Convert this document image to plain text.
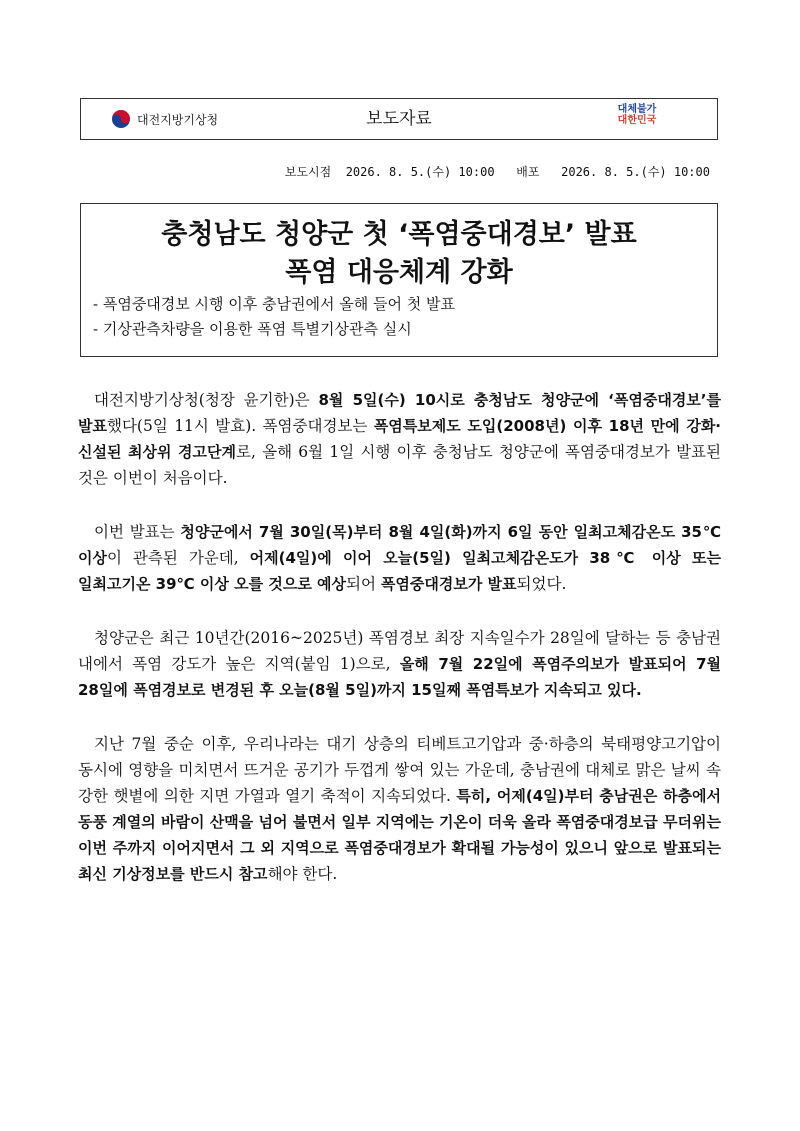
대전지방기상청	보도자료	대체불가
대한민국
보도시점 2026. 8. 5.(수) 10:00 배포 2026. 8. 5.(수) 10:00
충청남도 청양군 첫 ‘폭염중대경보’ 발표
폭염 대응체계 강화
- 폭염중대경보 시행 이후 충남권에서 올해 들어 첫 발표
- 기상관측차량을 이용한 폭염 특별기상관측 실시

대전지방기상청(청장 윤기한)은 8월 5일(수) 10시로 충청남도 청양군에 ‘폭염중대경보’를 발표했다(5일 11시 발효). 폭염중대경보는 폭염특보제도 도입(2008년) 이후 18년 만에 강화·신설된 최상위 경고단계로, 올해 6월 1일 시행 이후 충청남도 청양군에 폭염중대경보가 발표된 것은 이번이 처음이다.

이번 발표는 청양군에서 7월 30일(목)부터 8월 4일(화)까지 6일 동안 일최고체감온도 35℃ 이상이 관측된 가운데, 어제(4일)에 이어 오늘(5일) 일최고체감온도가 38℃ 이상 또는 일최고기온 39℃ 이상 오를 것으로 예상되어 폭염중대경보가 발표되었다.

청양군은 최근 10년간(2016~2025년) 폭염경보 최장 지속일수가 28일에 달하는 등 충남권 내에서 폭염 강도가 높은 지역(붙임 1)으로, 올해 7월 22일에 폭염주의보가 발표되어 7월 28일에 폭염경보로 변경된 후 오늘(8월 5일)까지 15일째 폭염특보가 지속되고 있다.

지난 7월 중순 이후, 우리나라는 대기 상층의 티베트고기압과 중·하층의 북태평양고기압이 동시에 영향을 미치면서 뜨거운 공기가 두껍게 쌓여 있는 가운데, 충남권에 대체로 맑은 날씨 속 강한 햇볕에 의한 지면 가열과 열기 축적이 지속되었다. 특히, 어제(4일)부터 충남권은 하층에서 동풍 계열의 바람이 산맥을 넘어 불면서 일부 지역에는 기온이 더욱 올라 폭염중대경보급 무더위는 이번 주까지 이어지면서 그 외 지역으로 폭염중대경보가 확대될 가능성이 있으니 앞으로 발표되는 최신 기상정보를 반드시 참고해야 한다.
